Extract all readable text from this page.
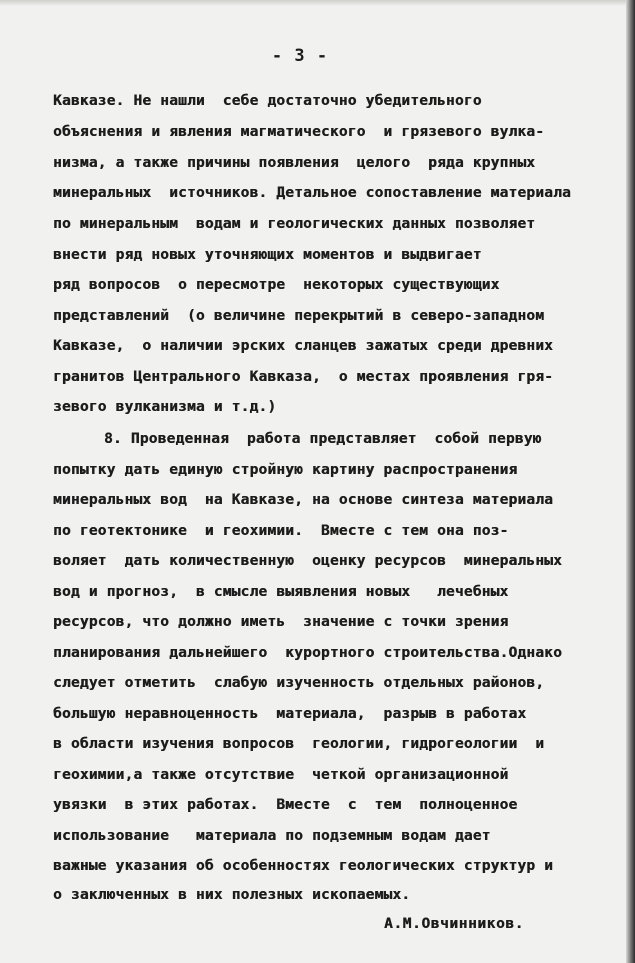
- 3 -
Кавказе. Не нашли  себе достаточно убедительного
объяснения и явления магматического  и грязевого вулка-
низма, а также причины появления  целого  ряда крупных
минеральных  источников. Детальное сопоставление материала
по минеральным  водам и геологических данных позволяет
внести ряд новых уточняющих моментов и выдвигает
ряд вопросов  о пересмотре  некоторых существующих
представлений  (о величине перекрытий в северо-западном
Кавказе,  о наличии эрских сланцев зажатых среди древних
гранитов Центрального Кавказа,  о местах проявления гря-
зевого вулканизма и т.д.)
8. Проведенная  работа представляет  собой первую
попытку дать единую стройную картину распространения
минеральных вод  на Кавказе, на основе синтеза материала
по геотектонике  и геохимии.  Вместе с тем она поз-
воляет  дать количественную  оценку ресурсов  минеральных
вод и прогноз,  в смысле выявления новых   лечебных
ресурсов, что должно иметь  значение с точки зрения
планирования дальнейшего  курортного строительства.Однако
следует отметить  слабую изученность отдельных районов,
большую неравноценность  материала,  разрыв в работах
в области изучения вопросов  геологии, гидрогеологии  и
геохимии,а также отсутствие  четкой организационной
увязки  в этих работах.  Вместе  с  тем  полноценное
использование   материала по подземным водам дает
важные указания об особенностях геологических структур и
о заключенных в них полезных ископаемых.
А.М.Овчинников.
